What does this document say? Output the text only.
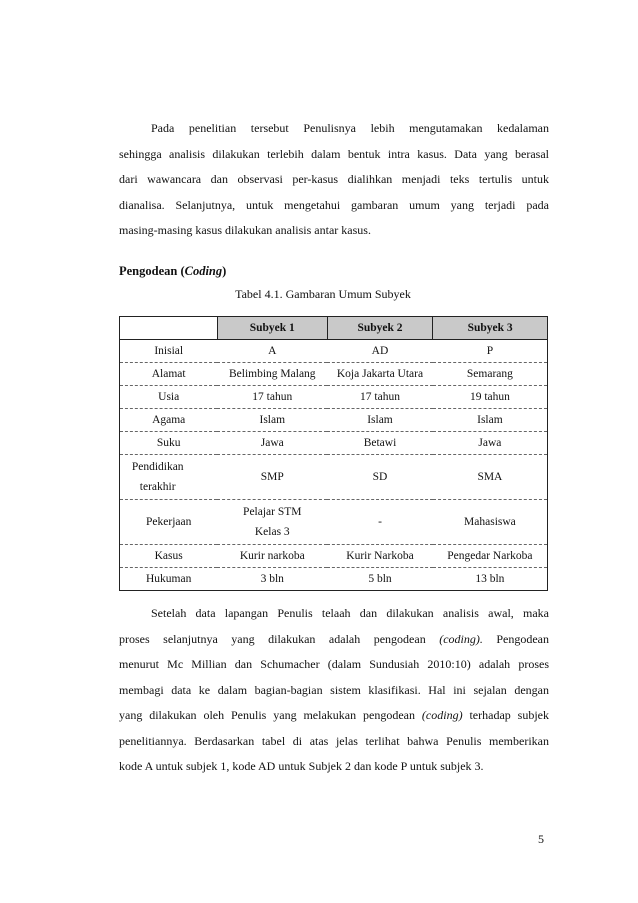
Pada penelitian tersebut Penulisnya lebih mengutamakan kedalaman
sehingga analisis dilakukan terlebih dalam bentuk intra kasus. Data yang berasal
dari wawancara dan observasi per-kasus dialihkan menjadi teks tertulis untuk
dianalisa. Selanjutnya, untuk mengetahui gambaran umum yang terjadi pada
masing-masing kasus dilakukan analisis antar kasus.

Pengodean (Coding)

Tabel 4.1. Gambaran Umum Subyek

	Subyek 1	Subyek 2	Subyek 3
Inisial	A	AD	P
Alamat	Belimbing Malang	Koja Jakarta Utara	Semarang
Usia	17 tahun	17 tahun	19 tahun
Agama	Islam	Islam	Islam
Suku	Jawa	Betawi	Jawa
Pendidikan terakhir	SMP	SD	SMA
Pekerjaan	Pelajar STM Kelas 3	-	Mahasiswa
Kasus	Kurir narkoba	Kurir Narkoba	Pengedar Narkoba
Hukuman	3 bln	5 bln	13 bln

Setelah data lapangan Penulis telaah dan dilakukan analisis awal, maka
proses selanjutnya yang dilakukan adalah pengodean (coding). Pengodean
menurut Mc Millian dan Schumacher (dalam Sundusiah 2010:10) adalah proses
membagi data ke dalam bagian-bagian sistem klasifikasi. Hal ini sejalan dengan
yang dilakukan oleh Penulis yang melakukan pengodean (coding) terhadap subjek
penelitiannya. Berdasarkan tabel di atas jelas terlihat bahwa Penulis memberikan
kode A untuk subjek 1, kode AD untuk Subjek 2 dan kode P untuk subjek 3.

5
